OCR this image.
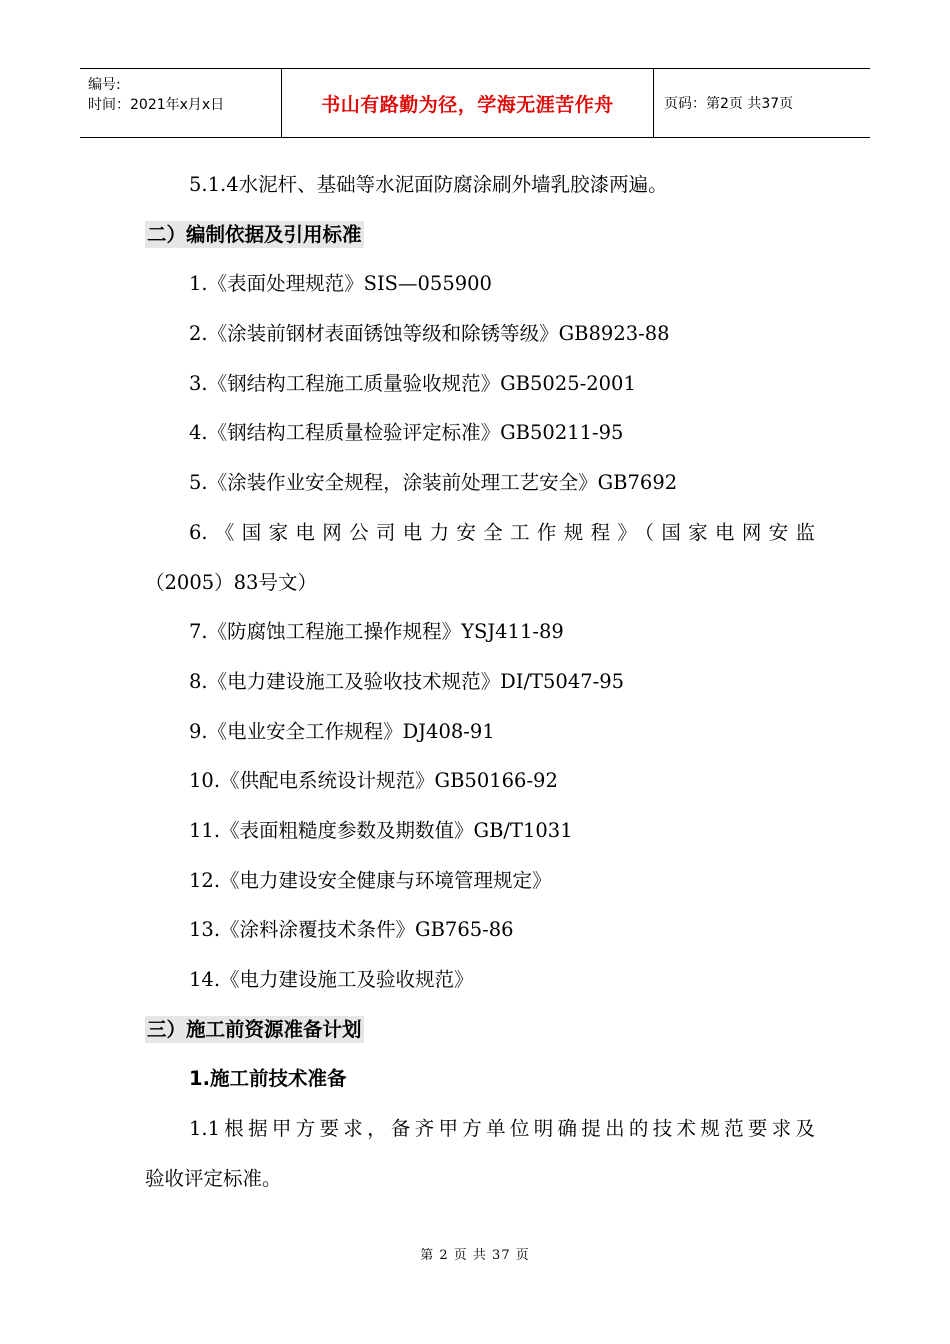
编号:
时间：2021年x月x日	书山有路勤为径，学海无涯苦作舟	页码：第2页 共37页
5.1.4水泥杆、基础等水泥面防腐涂刷外墙乳胶漆两遍。
二）编制依据及引用标准
1.《表面处理规范》SIS—055900
2.《涂装前钢材表面锈蚀等级和除锈等级》GB8923-88
3.《钢结构工程施工质量验收规范》GB5025-2001
4.《钢结构工程质量检验评定标准》GB50211-95
5.《涂装作业安全规程，涂装前处理工艺安全》GB7692
6.《国家电网公司电力安全工作规程》（国家电网安监
（2005）83号文）
7.《防腐蚀工程施工操作规程》YSJ411-89
8.《电力建设施工及验收技术规范》DI/T5047-95
9.《电业安全工作规程》DJ408-91
10.《供配电系统设计规范》GB50166-92
11.《表面粗糙度参数及期数值》GB/T1031
12.《电力建设安全健康与环境管理规定》
13.《涂料涂覆技术条件》GB765-86
14.《电力建设施工及验收规范》
三）施工前资源准备计划
1.施工前技术准备
1.1根据甲方要求，备齐甲方单位明确提出的技术规范要求及
验收评定标准。
第 2 页 共 37 页
